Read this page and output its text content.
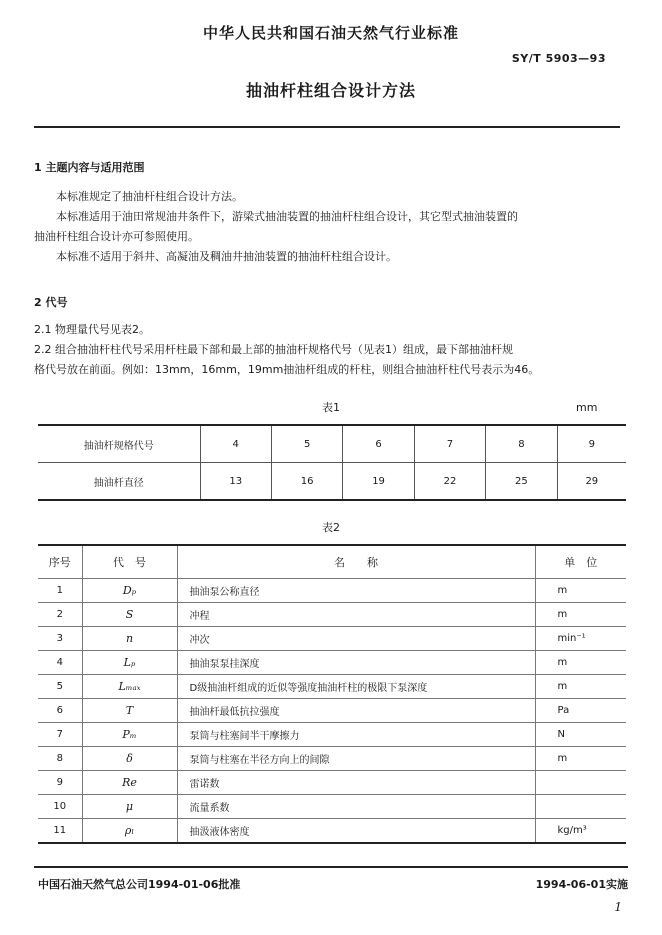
中华人民共和国石油天然气行业标准
SY/T 5903—93
抽油杆柱组合设计方法
1 主题内容与适用范围
本标准规定了抽油杆柱组合设计方法。
本标准适用于油田常规油井条件下，游梁式抽油装置的抽油杆柱组合设计，其它型式抽油装置的
抽油杆柱组合设计亦可参照使用。
本标准不适用于斜井、高凝油及稠油井抽油装置的抽油杆柱组合设计。
2 代号
2.1 物理量代号见表2。
2.2 组合抽油杆柱代号采用杆柱最下部和最上部的抽油杆规格代号（见表1）组成，最下部抽油杆规
格代号放在前面。例如：13mm，16mm，19mm抽油杆组成的杆柱，则组合抽油杆柱代号表示为46。
表1	mm
抽油杆规格代号	4	5	6	7	8	9
抽油杆直径	13	16	19	22	25	29
表2
序号	代　号	名　　称	单　位
1	Dₚ	抽油泵公称直径	m
2	S	冲程	m
3	n	冲次	min⁻¹
4	Lₚ	抽油泵泵挂深度	m
5	Lₘₐₓ	D级抽油杆组成的近似等强度抽油杆柱的极限下泵深度	m
6	T	抽油杆最低抗拉强度	Pa
7	Pₘ	泵筒与柱塞间半干摩擦力	N
8	δ	泵筒与柱塞在半径方向上的间隙	m
9	Re	雷诺数	
10	μ	流量系数	
11	ρₗ	抽汲液体密度	kg/m³
中国石油天然气总公司1994-01-06批准	1994-06-01实施
1
